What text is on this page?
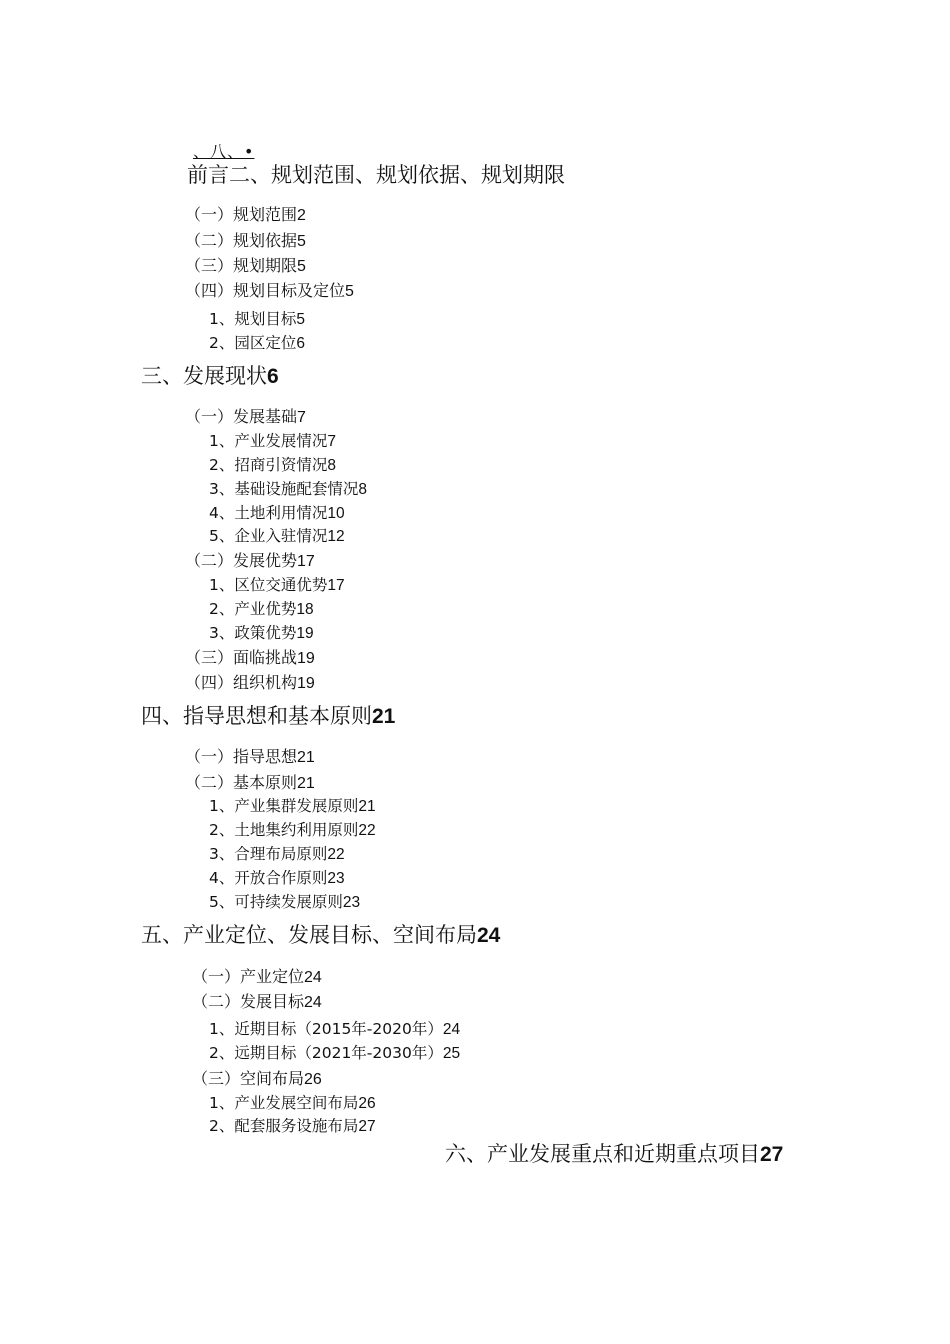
、八、•
前言二、规划范围、规划依据、规划期限
（一）规划范围2
（二）规划依据5
（三）规划期限5
（四）规划目标及定位5
1、规划目标5
2、园区定位6
三、发展现状6
（一）发展基础7
1、产业发展情况7
2、招商引资情况8
3、基础设施配套情况8
4、土地利用情况10
5、企业入驻情况12
（二）发展优势17
1、区位交通优势17
2、产业优势18
3、政策优势19
（三）面临挑战19
（四）组织机构19
四、指导思想和基本原则21
（一）指导思想21
（二）基本原则21
1、产业集群发展原则21
2、土地集约利用原则22
3、合理布局原则22
4、开放合作原则23
5、可持续发展原则23
五、产业定位、发展目标、空间布局24
（一）产业定位24
（二）发展目标24
1、近期目标（2015年-2020年）24
2、远期目标（2021年-2030年）25
（三）空间布局26
1、产业发展空间布局26
2、配套服务设施布局27
六、产业发展重点和近期重点项目27
